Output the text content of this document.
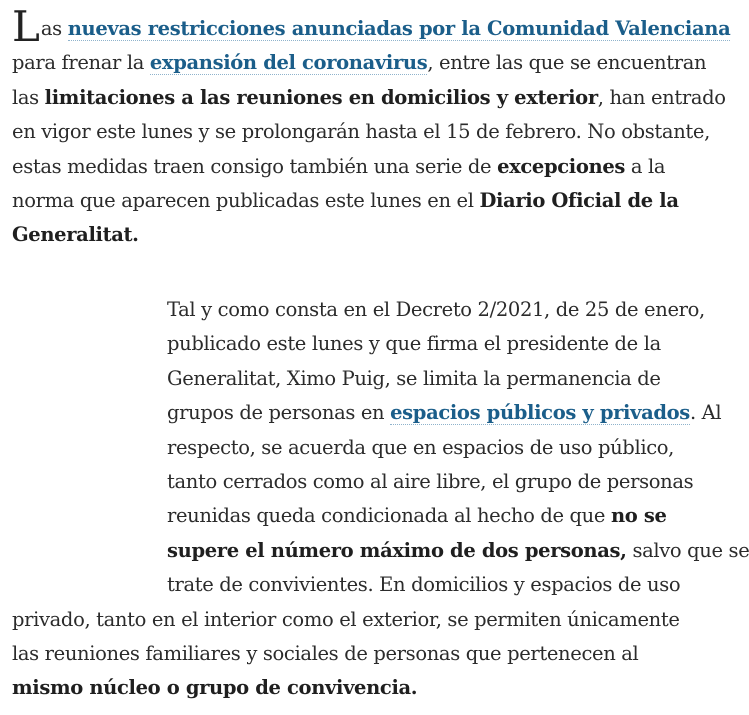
Las nuevas restricciones anunciadas por la Comunidad Valenciana
para frenar la expansión del coronavirus, entre las que se encuentran
las limitaciones a las reuniones en domicilios y exterior, han entrado
en vigor este lunes y se prolongarán hasta el 15 de febrero. No obstante,
estas medidas traen consigo también una serie de excepciones a la
norma que aparecen publicadas este lunes en el Diario Oficial de la
Generalitat.

Tal y como consta en el Decreto 2/2021, de 25 de enero,
publicado este lunes y que firma el presidente de la
Generalitat, Ximo Puig, se limita la permanencia de
grupos de personas en espacios públicos y privados. Al
respecto, se acuerda que en espacios de uso público,
tanto cerrados como al aire libre, el grupo de personas
reunidas queda condicionada al hecho de que no se
supere el número máximo de dos personas, salvo que se
trate de convivientes. En domicilios y espacios de uso
privado, tanto en el interior como el exterior, se permiten únicamente
las reuniones familiares y sociales de personas que pertenecen al
mismo núcleo o grupo de convivencia.
